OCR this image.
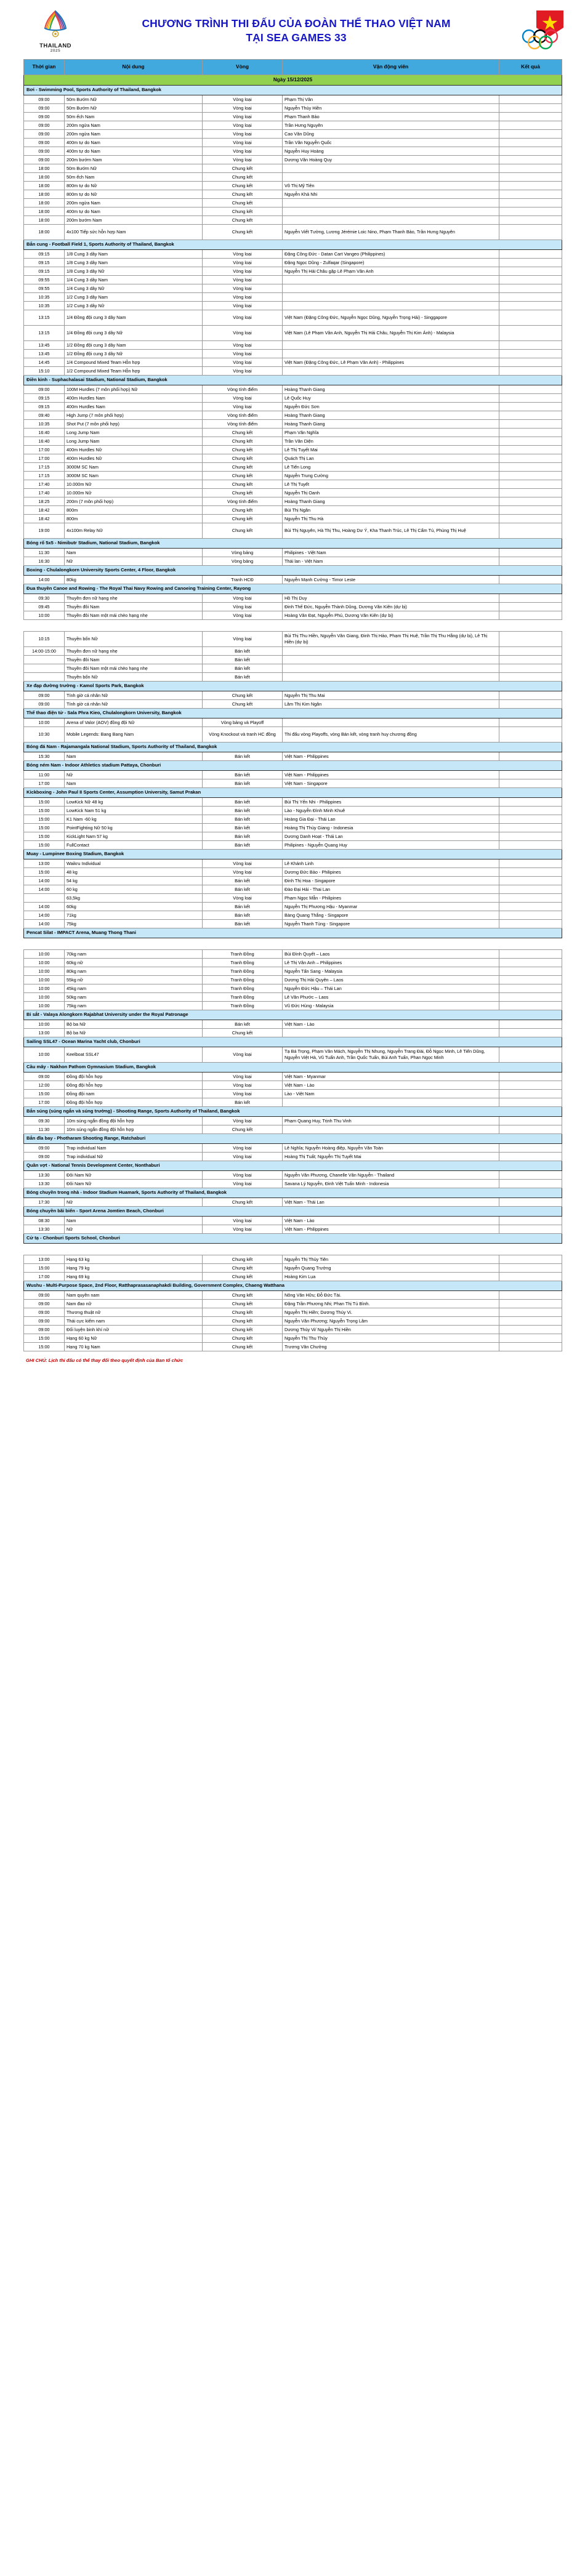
THAILAND
2025
CHƯƠNG TRÌNH THI ĐẤU CỦA ĐOÀN THỂ THAO VIỆT NAM
TẠI SEA GAMES 33
Thời gian	Nội dung	Vòng	Vận động viên	Kết quả
Ngày 15/12/2025				
Bơi - Swimming Pool, Sports Authority of Thailand, Bangkok				
09:00	50m Bướm Nữ	Vòng loại	Phạm Thị Vân	
09:00	50m Bướm Nữ	Vòng loại	Nguyễn Thúy Hiền	
09:00	50m ếch Nam	Vòng loại	Phạm Thanh Bảo	
09:00	200m ngửa Nam	Vòng loại	Trần Hưng Nguyên	
09:00	200m ngửa Nam	Vòng loại	Cao Văn Dũng	
09:00	400m tự do Nam	Vòng loại	Trần Văn Nguyễn Quốc	
09:00	400m tự do Nam	Vòng loại	Nguyễn Huy Hoàng	
09:00	200m bướm Nam	Vòng loại	Dương Văn Hoàng Quy	
18:00	50m Bướm Nữ	Chung kết		
18:00	50m ếch Nam	Chung kết		
18:00	800m tự do Nữ	Chung kết	Võ Thị Mỹ Tiên	
18:00	800m tự do Nữ	Chung kết	Nguyễn Khả Nhi	
18:00	200m ngửa Nam	Chung kết		
18:00	400m tự do Nam	Chung kết		
18:00	200m bướm Nam	Chung kết		
18:00	4x100 Tiếp sức hỗn hợp Nam	Chung kết	Nguyễn Viết Tường, Lương Jérémie Loic Nino, Phạm Thanh Bảo, Trần Hưng Nguyên	
Bắn cung - Football Field 1, Sports Authority of Thailand, Bangkok				
09:15	1/8 Cung 3 dây Nam	Vòng loại	Đặng Công Đức - Datan Cart Vangeo (Philippines)	
09:15	1/8 Cung 3 dây Nam	Vòng loại	Đặng Ngọc Dũng - Zulfaqar (Singapore)	
09:15	1/8 Cung 3 dây Nữ	Vòng loại	Nguyễn Thị Hải Châu gặp Lê Phạm Vân Anh	
09:55	1/4 Cung 3 dây Nam	Vòng loại		
09:55	1/4 Cung 3 dây Nữ	Vòng loại		
10:35	1/2 Cung 3 dây Nam	Vòng loại		
10:35	1/2 Cung 3 dây Nữ	Vòng loại		
13:15	1/4 Đồng đội cung 3 dây Nam	Vòng loại	Việt Nam (Đặng Công Đức, Nguyễn Ngọc Dũng, Nguyễn Trọng Hải) - Singgapore	
13:15	1/4 Đồng đội cung 3 dây Nữ	Vòng loại	Việt Nam (Lê Phạm Vân Anh, Nguyễn Thị Hải Châu, Nguyễn Thị Kim Ánh) - Malaysia	
13:45	1/2 Đồng đội cung 3 dây Nam	Vòng loại		
13:45	1/2 Đồng đội cung 3 dây Nữ	Vòng loại		
14:45	1/4 Compound Mixed Team Hỗn hợp	Vòng loại	Việt Nam (Đặng Công Đức, Lê Phạm Vân Anh) - Philippines	
15:10	1/2 Compound Mixed Team Hỗn hợp	Vòng loại		
Điền kinh - Suphachalasai Stadium, National Stadium, Bangkok				
09:00	100M Hurdles (7 môn phối hợp) Nữ	Vòng tính điểm	Hoàng Thanh Giang	
09:15	400m Hurdles Nam	Vòng loại	Lê Quốc Huy	
09:15	400m Hurdles Nam	Vòng loại	Nguyễn Đức Sơn	
09:40	High Jump (7 môn phối hợp)	Vòng tính điểm	Hoàng Thanh Giang	
10:35	Shot Put (7 môn phối hợp)	Vòng tính điểm	Hoàng Thanh Giang	
16:40	Long Jump Nam	Chung kết	Phạm Văn Nghĩa	
16:40	Long Jump Nam	Chung kết	Trần Văn Diện	
17:00	400m Hurdles Nữ	Chung kết	Lê Thị Tuyết Mai	
17:00	400m Hurdles Nữ	Chung kết	Quách Thị Lan	
17:15	3000M SC Nam	Chung kết	Lê Tiến Long	
17:15	3000M SC Nam	Chung kết	Nguyễn Trung Cường	
17:40	10.000m Nữ	Chung kết	Lê Thị Tuyết	
17:40	10.000m Nữ	Chung kết	Nguyễn Thị Oanh	
18:25	200m (7 môn phối hợp)	Vòng tính điểm	Hoàng Thanh Giang	
18:42	800m	Chung kết	Bùi Thị Ngân	
18:42	800m	Chung kết	Nguyễn Thị Thu Hà	
19:00	4x100m Relay Nữ	Chung kết	Bùi Thị Nguyên, Hà Thị Thu, Hoàng Dư Ý, Kha Thanh Trúc, Lê Thị Cẩm Tú, Phùng Thị Huệ	
Bóng rổ 5x5 - Nimibutr Stadium, National Stadium, Bangkok				
11:30	Nam	Vòng bảng	Philipines - Việt Nam	
16:30	Nữ	Vòng bảng	Thái lan - Việt Nam	
Boxing - Chulalongkorn University Sports Center, 4 Floor, Bangkok				
14:00	80kg	Tranh HCĐ	Nguyễn Mạnh Cường - Timor Leste	
Đua thuyền Canoe and Rowing - The Royal Thai Navy Rowing and Canoeing Training Center, Rayong				
09:30	Thuyền đơn nữ hạng nhẹ	Vòng loại	Hồ Thị Duy	
09:45	Thuyền đôi Nam	Vòng loại	Đinh Thế Đức, Nguyễn Thành Dũng, Dương Văn Kiên (dự bị)	
10:00	Thuyền đôi Nam một mái chèo hạng nhẹ	Vòng loại	Hoàng Văn Đạt, Nguyễn Phú, Dương Văn Kiên (dự bị)	

10:15	Thuyền bốn Nữ	Vòng loại	Bùi Thị Thu Hiền, Nguyễn Văn Giang, Đinh Thị Hảo, Phạm Thị Huệ, Trần Thị Thu Hằng (dự bị), Lê Thị Hiền (dự bị)	
14:00-15:00	Thuyền đơn nữ hạng nhẹ	Bán kết		
	Thuyền đôi Nam	Bán kết		
	Thuyền đôi Nam một mái chèo hạng nhẹ	Bán kết		
	Thuyền bốn Nữ	Bán kết		
Xe đạp đường trường - Kamol Sports Park, Bangkok				
09:00	Tính giờ cá nhân Nữ	Chung kết	Nguyễn Thị Thu Mai	
09:00	Tính giờ cá nhân Nữ	Chung kết	Lâm Thị Kim Ngân	
Thể thao điện tử - Sala Phra Kieo, Chulalongkorn University, Bangkok				
10:00	Arena of Valor (AOV) đồng đội Nữ	Vòng bảng và Playoff		
10:30	Mobile Legends: Bang Bang Nam	Vòng Knockout và tranh HC đồng	Thi đấu vòng Playoffs, vòng Bán kết, vòng tranh huy chương đồng	
Bóng đá Nam - Rajamangala National Stadium, Sports Authority of Thailand, Bangkok				
15:30	Nam	Bán kết	Việt Nam - Philippines	
Bóng ném Nam - Indoor Athletics stadium Pattaya, Chonburi				
11:00	Nữ	Bán kết	Việt Nam - Philippines	
17:00	Nam	Bán kết	Việt Nam - Singapore	
Kickboxing - John Paul II Sports Center, Assumption University, Samut Prakan				
15:00	LowKick Nữ 48 kg	Bán kết	Bùi Thị Yến Nhi - Philippines	
15:00	LowKick Nam 51 kg	Bán kết	Lào - Nguyễn Đình Minh Khuê	
15:00	K1 Nam -60 kg	Bán kết	Hoàng Gia Đại - Thái Lan	
15:00	PointFighting Nữ 50 kg	Bán kết	Hoàng Thị Thùy Giang - Indonesia	
15:00	KickLight Nam 57 kg	Bán kết	Dương Danh Hoạt - Thái Lan	
15:00	FullContact	Bán kết	Philipines - Nguyễn Quang Huy	
Muay - Lumpinee Boxing Stadium, Bangkok				
13:00	Waikru Individual	Vòng loại	Lê Khánh Linh	
15:00	48 kg	Vòng loại	Dương Đức Bảo - Philipines	
14:00	54 kg	Bán kết	Đinh Thị Hoa - Singapore	
14:00	60 kg	Bán kết	Đào Đại Hải - Thai Lan	
	63,5kg	Vòng loại	Phạm Ngọc Mẫn - Philipines	
14:00	60kg	Bán kết	Nguyễn Thị Phương Hậu - Myanmar	
14:00	71kg	Bán kết	Bàng Quang Thắng - Singapore	
14:00	75kg	Bán kết	Nguyễn Thanh Tùng - Singapore	
Pencat Silat - IMPACT Arena, Muang Thong Thani				

10:00	70kg nam	Tranh Đồng	Bùi Đình Quyết – Laos	
10:00	60kg nữ	Tranh Đồng	Lê Thị Vân Anh – Philippines	
10:00	80kg nam	Tranh Đồng	Nguyễn Tấn Sang - Malaysia	
10:00	55kg nữ	Tranh Đồng	Dương Thị Hải Quyên – Laos	
10:00	45kg nam	Tranh Đồng	Nguyễn Đức Hậu – Thái Lan	
10:00	50kg nam	Tranh Đồng	Lê Văn Phước – Laos	
10:00	75kg nam	Tranh Đồng	Vũ Đức Hùng - Malaysia	
Bi sắt - Valaya Alongkorn Rajabhat University under the Royal Patronage				
10:00	Bộ ba Nữ	Bán kết	Việt Nam - Lào	
13:00	Bộ ba Nữ	Chung kết		
Sailing SSL47 - Ocean Marina Yacht club, Chonburi				
10:00	Keelboat SSL47	Vòng loại	Tạ Bá Trọng, Phạm Văn Mách, Nguyễn Thị Nhung, Nguyễn Trang Đài, Đỗ Ngọc Minh, Lê Tiến Dũng, Nguyễn Việt Hà, Vũ Tuấn Anh, Trần Quốc Tuấn, Bùi Anh Tuấn, Phan Ngọc Minh	
Cầu mây - Nakhon Pathom Gymnasium Stadium, Bangkok				
09:00	Đồng đội hỗn hợp	Vòng loại	Việt Nam - Myanmar	
12:00	Đồng đội hỗn hợp	Vòng loại	Việt Nam - Lào	
15:00	Đồng đội nam	Vòng loại	Lào - Việt Nam	
17:00	Đồng đội hỗn hợp	Bán kết		
Bắn súng (súng ngắn và súng trường) - Shooting Range, Sports Authority of Thailand, Bangkok				
09:30	10m súng ngắn đồng đội hỗn hợp	Vòng loại	Phạm Quang Huy, Trịnh Thu Vinh	
11:30	10m súng ngắn đồng đội hỗn hợp	Chung kết		
Bắn đĩa bay - Photharam Shooting Range, Ratchaburi				
09:00	Trap individual Nam	Vòng loại	Lê Nghĩa; Nguyễn Hoàng điệp, Nguyễn Văn Toàn	
09:00	Trap individual Nữ	Vòng loại	Hoàng Thị Tuất; Nguyễn Thị Tuyết Mai	
Quần vợt - National Tennis Development Center, Nonthaburi				
13:30	Đôi Nam Nữ	Vòng loại	Nguyễn Văn Phương, Chanelle Vân Nguyễn - Thailand	
13:30	Đôi Nam Nữ	Vòng loại	Savana Lý Nguyễn, Đinh Việt Tuấn Minh - Indonesia	
Bóng chuyền trong nhà - Indoor Stadium Huamark, Sports Authority of Thailand, Bangkok				
17:30	Nữ	Chung kết	Việt Nam - Thái Lan	
Bóng chuyền bãi biển - Sport Arena Jomtien Beach, Chonburi				
08:30	Nam	Vòng loại	Việt Nam - Lào	
13:30	Nữ	Vòng loại	Việt Nam - Philippines	
Cử tạ - Chonburi Sports School, Chonburi				

13:00	Hạng 63 kg	Chung kết	Nguyễn Thị Thủy Tiên	
15:00	Hạng 79 kg	Chung kết	Nguyễn Quang Trưởng	
17:00	Hạng 69 kg	Chung kết	Hoàng Kim Lụa	
Wushu - Multi-Purpose Space, 2nd Floor, Ratthaprasasanaphakdi Building, Government Complex, Chaeng Watthana				
09:00	Nam quyền nam	Chung kết	Nông Văn Hữu; Đỗ Đức Tài.	
09:00	Nam đao nữ	Chung kết	Đặng Trần Phương Nhi; Phan Thị Tú Bình.	
09:00	Thương thuật nữ	Chung kết	Nguyễn Thị Hiền; Dương Thúy Vi.	
09:00	Thái cực kiếm nam	Chung kết	Nguyễn Văn Phương; Nguyễn Trọng Lâm	
09:00	Đối luyện binh khí nữ	Chung kết	Dương Thúy Vi/ Nguyễn Thị Hiền	
15:00	Hạng 60 kg Nữ	Chung kết	Nguyễn Thị Thu Thủy	
15:00	Hạng 70 kg Nam	Chung kết	Trương Văn Chưởng	
GHI CHÚ: Lịch thi đấu có thể thay đổi theo quyết định của Ban tổ chức
